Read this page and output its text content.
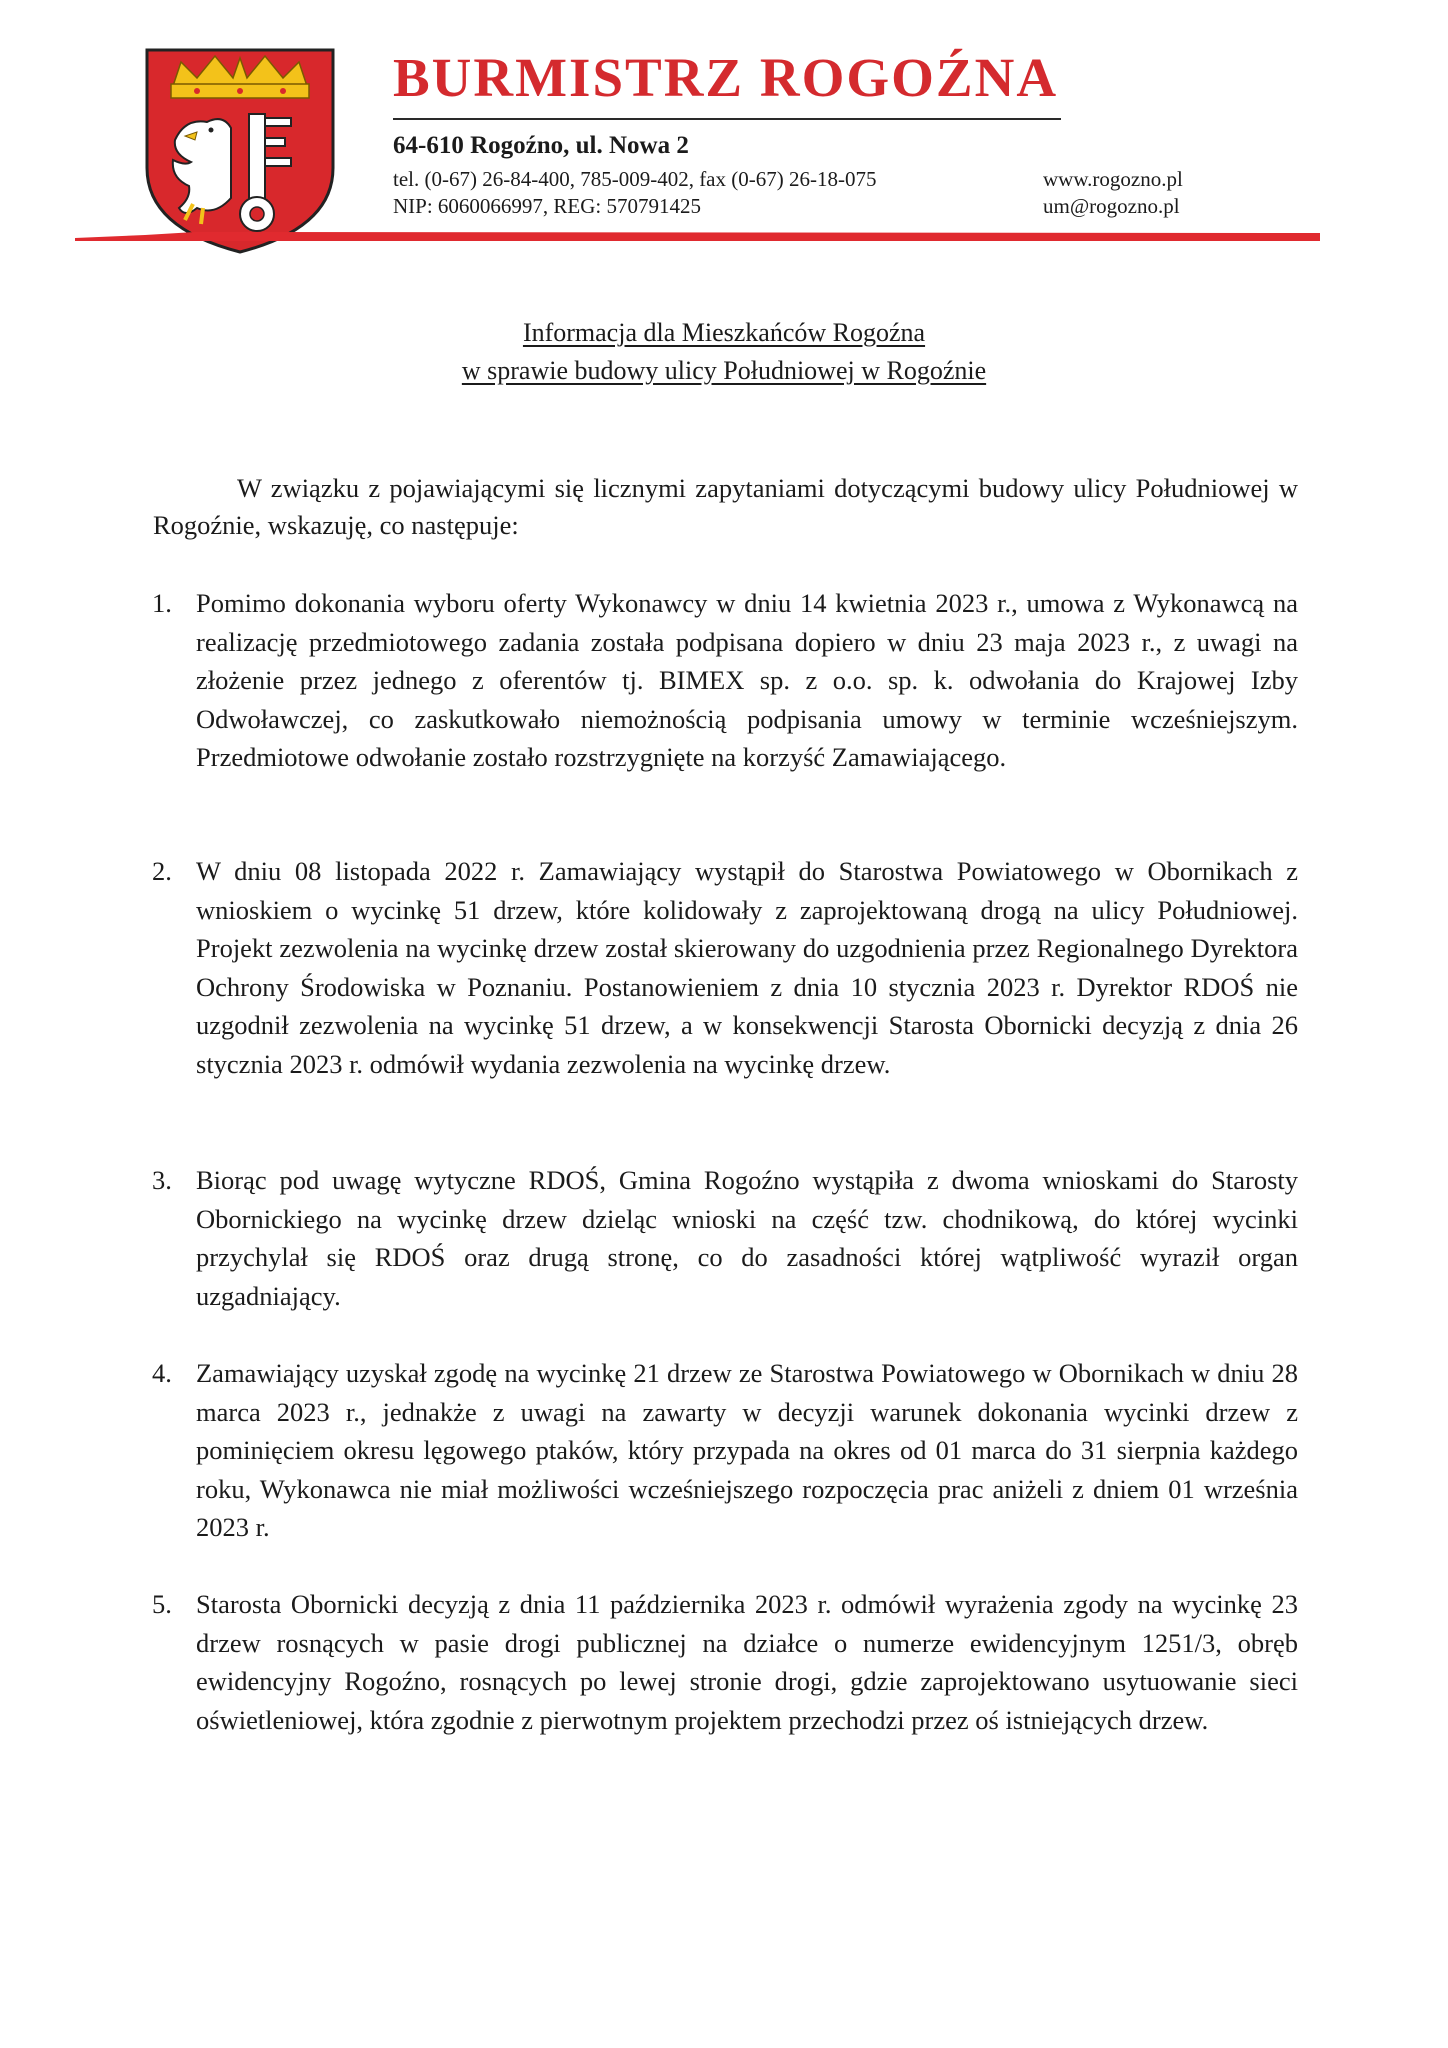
BURMISTRZ ROGOŹNA
64-610 Rogoźno, ul. Nowa 2
tel. (0-67) 26-84-400, 785-009-402, fax (0-67) 26-18-075
NIP: 6060066997, REG: 570791425
www.rogozno.pl
um@rogozno.pl
Informacja dla Mieszkańców Rogoźna
w sprawie budowy ulicy Południowej w Rogoźnie

W związku z pojawiającymi się licznymi zapytaniami dotyczącymi budowy ulicy Południowej w Rogoźnie, wskazuję, co następuje:

1. Pomimo dokonania wyboru oferty Wykonawcy w dniu 14 kwietnia 2023 r., umowa z Wykonawcą na realizację przedmiotowego zadania została podpisana dopiero w dniu 23 maja 2023 r., z uwagi na złożenie przez jednego z oferentów tj. BIMEX sp. z o.o. sp. k. odwołania do Krajowej Izby Odwoławczej, co zaskutkowało niemożnością podpisania umowy w terminie wcześniejszym. Przedmiotowe odwołanie zostało rozstrzygnięte na korzyść Zamawiającego.

2. W dniu 08 listopada 2022 r. Zamawiający wystąpił do Starostwa Powiatowego w Obornikach z wnioskiem o wycinkę 51 drzew, które kolidowały z zaprojektowaną drogą na ulicy Południowej. Projekt zezwolenia na wycinkę drzew został skierowany do uzgodnienia przez Regionalnego Dyrektora Ochrony Środowiska w Poznaniu. Postanowieniem z dnia 10 stycznia 2023 r. Dyrektor RDOŚ nie uzgodnił zezwolenia na wycinkę 51 drzew, a w konsekwencji Starosta Obornicki decyzją z dnia 26 stycznia 2023 r. odmówił wydania zezwolenia na wycinkę drzew.

3. Biorąc pod uwagę wytyczne RDOŚ, Gmina Rogoźno wystąpiła z dwoma wnioskami do Starosty Obornickiego na wycinkę drzew dzieląc wnioski na część tzw. chodnikową, do której wycinki przychylał się RDOŚ oraz drugą stronę, co do zasadności której wątpliwość wyraził organ uzgadniający.

4. Zamawiający uzyskał zgodę na wycinkę 21 drzew ze Starostwa Powiatowego w Obornikach w dniu 28 marca 2023 r., jednakże z uwagi na zawarty w decyzji warunek dokonania wycinki drzew z pominięciem okresu lęgowego ptaków, który przypada na okres od 01 marca do 31 sierpnia każdego roku, Wykonawca nie miał możliwości wcześniejszego rozpoczęcia prac aniżeli z dniem 01 września 2023 r.

5. Starosta Obornicki decyzją z dnia 11 października 2023 r. odmówił wyrażenia zgody na wycinkę 23 drzew rosnących w pasie drogi publicznej na działce o numerze ewidencyjnym 1251/3, obręb ewidencyjny Rogoźno, rosnących po lewej stronie drogi, gdzie zaprojektowano usytuowanie sieci oświetleniowej, która zgodnie z pierwotnym projektem przechodzi przez oś istniejących drzew.
